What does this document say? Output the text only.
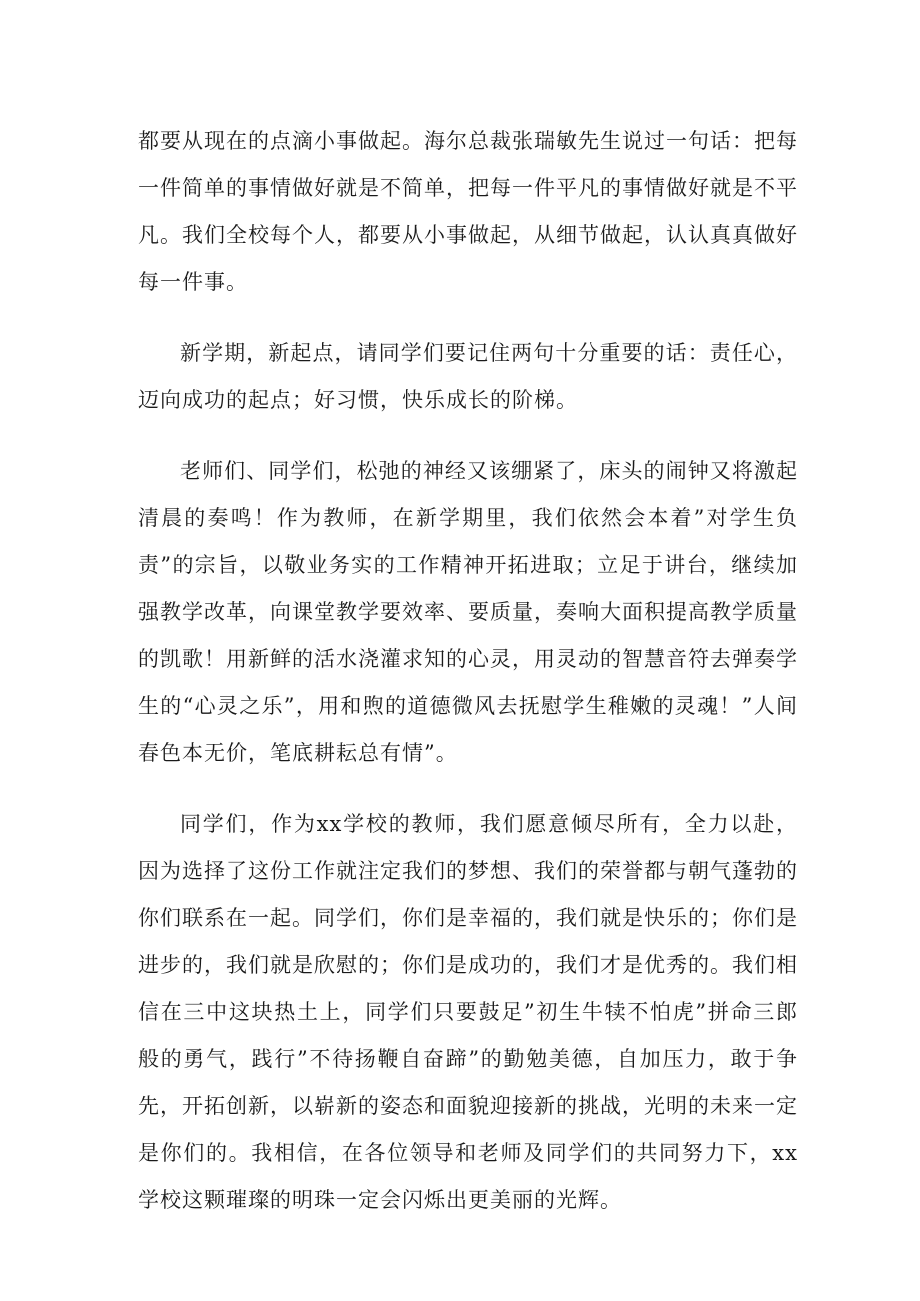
都要从现在的点滴小事做起。海尔总裁张瑞敏先生说过一句话：把每一件简单的事情做好就是不简单，把每一件平凡的事情做好就是不平凡。我们全校每个人，都要从小事做起，从细节做起，认认真真做好每一件事。

新学期，新起点，请同学们要记住两句十分重要的话：责任心，迈向成功的起点；好习惯，快乐成长的阶梯。

老师们、同学们，松弛的神经又该绷紧了，床头的闹钟又将激起清晨的奏鸣！作为教师，在新学期里，我们依然会本着”对学生负责”的宗旨，以敬业务实的工作精神开拓进取；立足于讲台，继续加强教学改革，向课堂教学要效率、要质量，奏响大面积提高教学质量的凯歌！用新鲜的活水浇灌求知的心灵，用灵动的智慧音符去弹奏学生的“心灵之乐”，用和煦的道德微风去抚慰学生稚嫩的灵魂！”人间春色本无价，笔底耕耘总有情”。

同学们，作为xx学校的教师，我们愿意倾尽所有，全力以赴，因为选择了这份工作就注定我们的梦想、我们的荣誉都与朝气蓬勃的你们联系在一起。同学们，你们是幸福的，我们就是快乐的；你们是进步的，我们就是欣慰的；你们是成功的，我们才是优秀的。我们相信在三中这块热土上，同学们只要鼓足”初生牛犊不怕虎”拼命三郎般的勇气，践行”不待扬鞭自奋蹄”的勤勉美德，自加压力，敢于争先，开拓创新，以崭新的姿态和面貌迎接新的挑战，光明的未来一定是你们的。我相信，在各位领导和老师及同学们的共同努力下，xx学校这颗璀璨的明珠一定会闪烁出更美丽的光辉。
